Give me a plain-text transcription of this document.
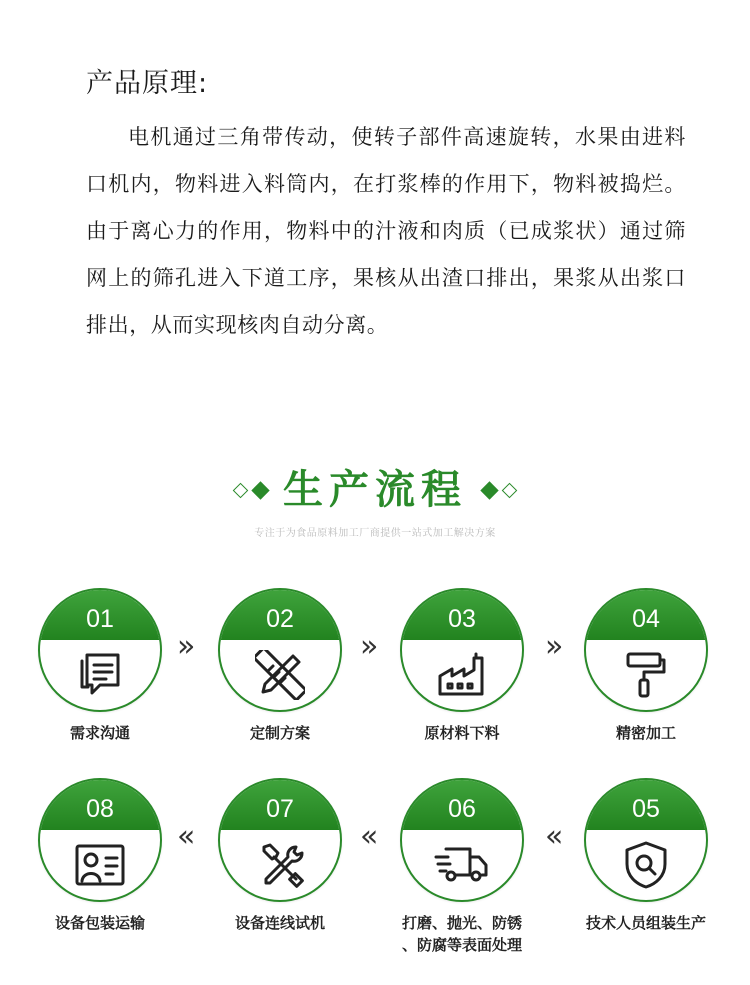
产品原理:

电机通过三角带传动，使转子部件高速旋转，水果由进料口机内，物料进入料筒内，在打浆棒的作用下，物料被捣烂。由于离心力的作用，物料中的汁液和肉质（已成浆状）通过筛网上的筛孔进入下道工序，果核从出渣口排出，果浆从出浆口排出，从而实现核肉自动分离。

生产流程
专注于为食品原料加工厂商提供一站式加工解决方案
01
需求沟通
»
02
定制方案
»
03
原材料下料
»
04
精密加工
08
设备包装运输
«
07
设备连线试机
«
06
打磨、抛光、防锈
、防腐等表面处理
«
05
技术人员组装生产
